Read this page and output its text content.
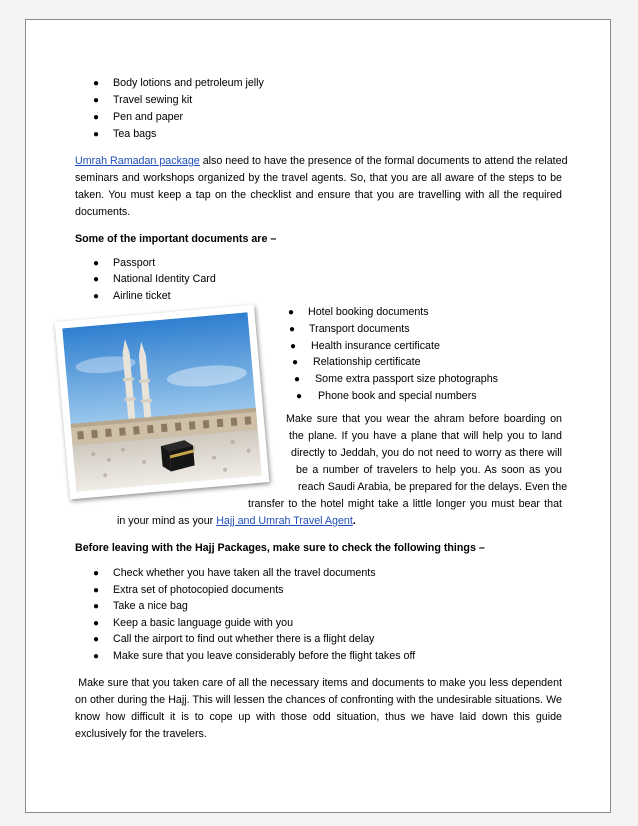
● Body lotions and petroleum jelly
● Travel sewing kit
● Pen and paper
● Tea bags
Umrah Ramadan package also need to have the presence of the formal documents to attend the related
seminars and workshops organized by the travel agents. So, that you are all aware of the steps to be
taken. You must keep a tap on the checklist and ensure that you are travelling with all the required
documents.
Some of the important documents are –
● Passport
● National Identity Card
● Airline ticket
● Hotel booking documents
● Transport documents
● Health insurance certificate
● Relationship certificate
● Some extra passport size photographs
● Phone book and special numbers
Make sure that you wear the ahram before boarding on
the plane. If you have a plane that will help you to land
directly to Jeddah, you do not need to worry as there will
be a number of travelers to help you. As soon as you
reach Saudi Arabia, be prepared for the delays. Even the
transfer to the hotel might take a little longer you must bear that
in your mind as your Hajj and Umrah Travel Agent.
Before leaving with the Hajj Packages, make sure to check the following things –
● Check whether you have taken all the travel documents
● Extra set of photocopied documents
● Take a nice bag
● Keep a basic language guide with you
● Call the airport to find out whether there is a flight delay
● Make sure that you leave considerably before the flight takes off
Make sure that you taken care of all the necessary items and documents to make you less dependent
on other during the Hajj. This will lessen the chances of confronting with the undesirable situations. We
know how difficult it is to cope up with those odd situation, thus we have laid down this guide
exclusively for the travelers.
